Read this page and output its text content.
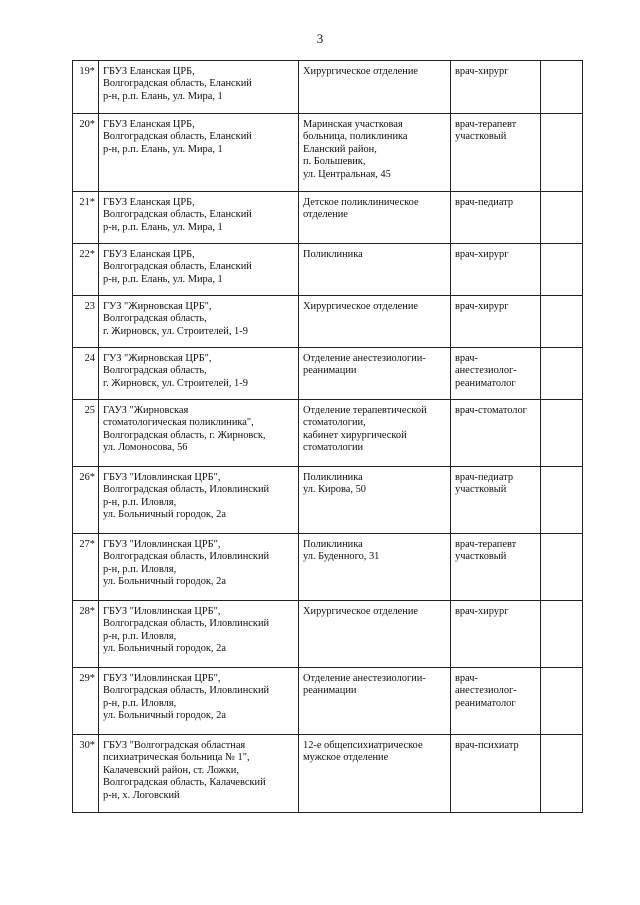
3
19*	ГБУЗ Еланская ЦРБ,
Волгоградская область, Еланский
р-н, р.п. Елань, ул. Мира, 1	Хирургическое отделение	врач-хирург	
20*	ГБУЗ Еланская ЦРБ,
Волгоградская область, Еланский
р-н, р.п. Елань, ул. Мира, 1	Маринская участковая
больница, поликлиника
Еланский район,
п. Большевик,
ул. Центральная, 45	врач-терапевт
участковый	
21*	ГБУЗ Еланская ЦРБ,
Волгоградская область, Еланский
р-н, р.п. Елань, ул. Мира, 1	Детское поликлиническое
отделение	врач-педиатр	
22*	ГБУЗ Еланская ЦРБ,
Волгоградская область, Еланский
р-н, р.п. Елань, ул. Мира, 1	Поликлиника	врач-хирург	
23	ГУЗ "Жирновская ЦРБ",
Волгоградская область,
г. Жирновск, ул. Строителей, 1-9	Хирургическое отделение	врач-хирург	
24	ГУЗ "Жирновская ЦРБ",
Волгоградская область,
г. Жирновск, ул. Строителей, 1-9	Отделение анестезиологии-
реанимации	врач-
анестезиолог-
реаниматолог	
25	ГАУЗ "Жирновская
стоматологическая поликлиника",
Волгоградская область, г. Жирновск,
ул. Ломоносова, 56	Отделение терапевтической
стоматологии,
кабинет хирургической
стоматологии	врач-стоматолог	
26*	ГБУЗ "Иловлинская ЦРБ",
Волгоградская область, Иловлинский
р-н, р.п. Иловля,
ул. Больничный городок, 2а	Поликлиника
ул. Кирова, 50	врач-педиатр
участковый	
27*	ГБУЗ "Иловлинская ЦРБ",
Волгоградская область, Иловлинский
р-н, р.п. Иловля,
ул. Больничный городок, 2а	Поликлиника
ул. Буденного, 31	врач-терапевт
участковый	
28*	ГБУЗ "Иловлинская ЦРБ",
Волгоградская область, Иловлинский
р-н, р.п. Иловля,
ул. Больничный городок, 2а	Хирургическое отделение	врач-хирург	
29*	ГБУЗ "Иловлинская ЦРБ",
Волгоградская область, Иловлинский
р-н, р.п. Иловля,
ул. Больничный городок, 2а	Отделение анестезиологии-
реанимации	врач-
анестезиолог-
реаниматолог	
30*	ГБУЗ "Волгоградская областная
психиатрическая больница № 1",
Калачевский район, ст. Ложки,
Волгоградская область, Калачевский
р-н, х. Логовский	12-е общепсихиатрическое
мужское отделение	врач-психиатр	
